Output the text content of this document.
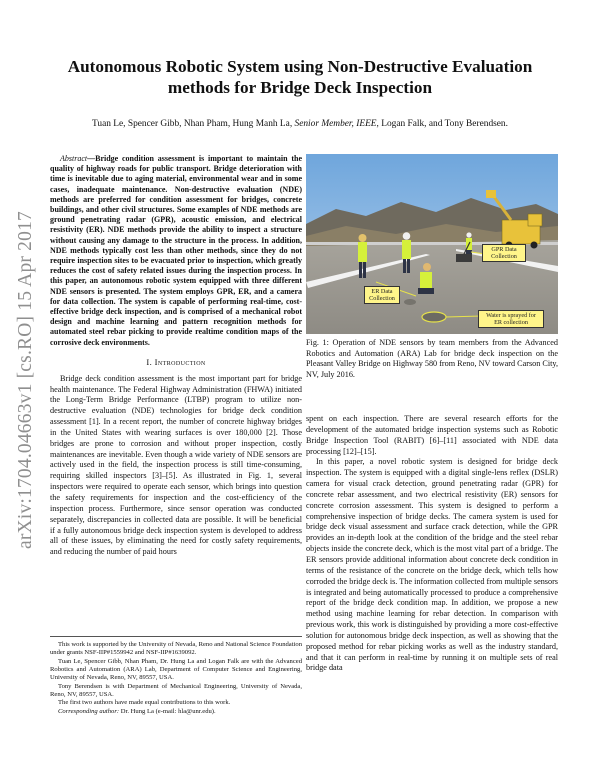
arXiv:1704.04663v1 [cs.RO] 15 Apr 2017
Autonomous Robotic System using Non-Destructive Evaluation
methods for Bridge Deck Inspection
Tuan Le, Spencer Gibb, Nhan Pham, Hung Manh La, Senior Member, IEEE, Logan Falk, and Tony Berendsen.

Abstract—Bridge condition assessment is important to maintain the quality of highway roads for public transport. Bridge deterioration with time is inevitable due to aging material, environmental wear and in some cases, inadequate maintenance. Non-destructive evaluation (NDE) methods are preferred for condition assessment for bridges, concrete buildings, and other civil structures. Some examples of NDE methods are ground penetrating radar (GPR), acoustic emission, and electrical resistivity (ER). NDE methods provide the ability to inspect a structure without causing any damage to the structure in the process. In addition, NDE methods typically cost less than other methods, since they do not require inspection sites to be evacuated prior to inspection, which greatly reduces the cost of safety related issues during the inspection process. In this paper, an autonomous robotic system equipped with three different NDE sensors is presented. The system employs GPR, ER, and a camera for data collection. The system is capable of performing real-time, cost-effective bridge deck inspection, and is comprised of a mechanical robot design and machine learning and pattern recognition methods for automated steel rebar picking to provide realtime condition maps of the corrosive deck environments.

I. Introduction

Bridge deck condition assessment is the most important part for bridge health maintenance. The Federal Highway Administration (FHWA) initiated the Long-Term Bridge Performance (LTBP) program to utilize non-destructive evaluation (NDE) technologies for bridge deck condition assessment [1]. In a recent report, the number of concrete highway bridges in the United States with wearing surfaces is over 180,000 [2]. Those bridges are prone to corrosion and without proper inspection, costly maintenances are inevitable. Even though a wide variety of NDE sensors are actively used in the field, the inspection process is still time-consuming, requiring skilled inspectors [3]–[5]. As illustrated in Fig. 1, several inspectors were required to operate each sensor, which brings into question the safety requirements for inspection and the cost-efficiency of the inspection process. Furthermore, since sensor operation was conducted separately, discrepancies in collected data are possible. It will be beneficial if a fully autonomous bridge deck inspection system is developed to address all of these issues, by eliminating the need for costly safety requirements, and reducing the number of paid hours

This work is supported by the University of Nevada, Reno and National Science Foundation under grants NSF-IIP#1559942 and NSF-IIP#1639092.

Tuan Le, Spencer Gibb, Nhan Pham, Dr. Hung La and Logan Falk are with the Advanced Robotics and Automation (ARA) Lab, Department of Computer Science and Engineering, University of Nevada, Reno, NV, 89557, USA.

Tony Berendsen is with Department of Mechanical Engineering, University of Nevada, Reno, NV, 89557, USA.

The first two authors have made equal contributions to this work.

Corresponding author: Dr. Hung La (e-mail: hla@unr.edu).

GPR Data Collection
ER Data Collection
Water is sprayed for ER collection
Fig. 1: Operation of NDE sensors by team members from the Advanced Robotics and Automation (ARA) Lab for bridge deck inspection on the Pleasant Valley Bridge on Highway 580 from Reno, NV toward Carson City, NV, July 2016.

spent on each inspection. There are several research efforts for the development of the automated bridge inspection systems such as Robotic Bridge Inspection Tool (RABIT) [6]–[11] associated with NDE data processing [12]–[15].

In this paper, a novel robotic system is designed for bridge deck inspection. The system is equipped with a digital single-lens reflex (DSLR) camera for visual crack detection, ground penetrating radar (GPR) for concrete rebar assessment, and two electrical resistivity (ER) sensors for concrete corrosion assessment. This system is designed to perform a comprehensive inspection of bridge decks. The camera system is used for bridge deck visual assessment and surface crack detection, while the GPR provides an in-depth look at the condition of the bridge and the steel rebar objects inside the concrete deck, which is the most vital part of a bridge. The ER sensors provide additional information about concrete deck condition in terms of the resistance of the concrete on the bridge deck, which tells how corroded the bridge deck is. The information collected from multiple sensors is integrated and being automatically processed to produce a comprehensive report of the bridge deck condition map. In addition, we propose a new method using machine learning for rebar detection. In comparison with previous work, this work is distinguished by providing a more cost-effective solution for autonomous bridge deck inspection, as well as showing that the proposed method for rebar picking works as well as the industry standard, and that it can perform in real-time by running it on multiple sets of real bridge data
